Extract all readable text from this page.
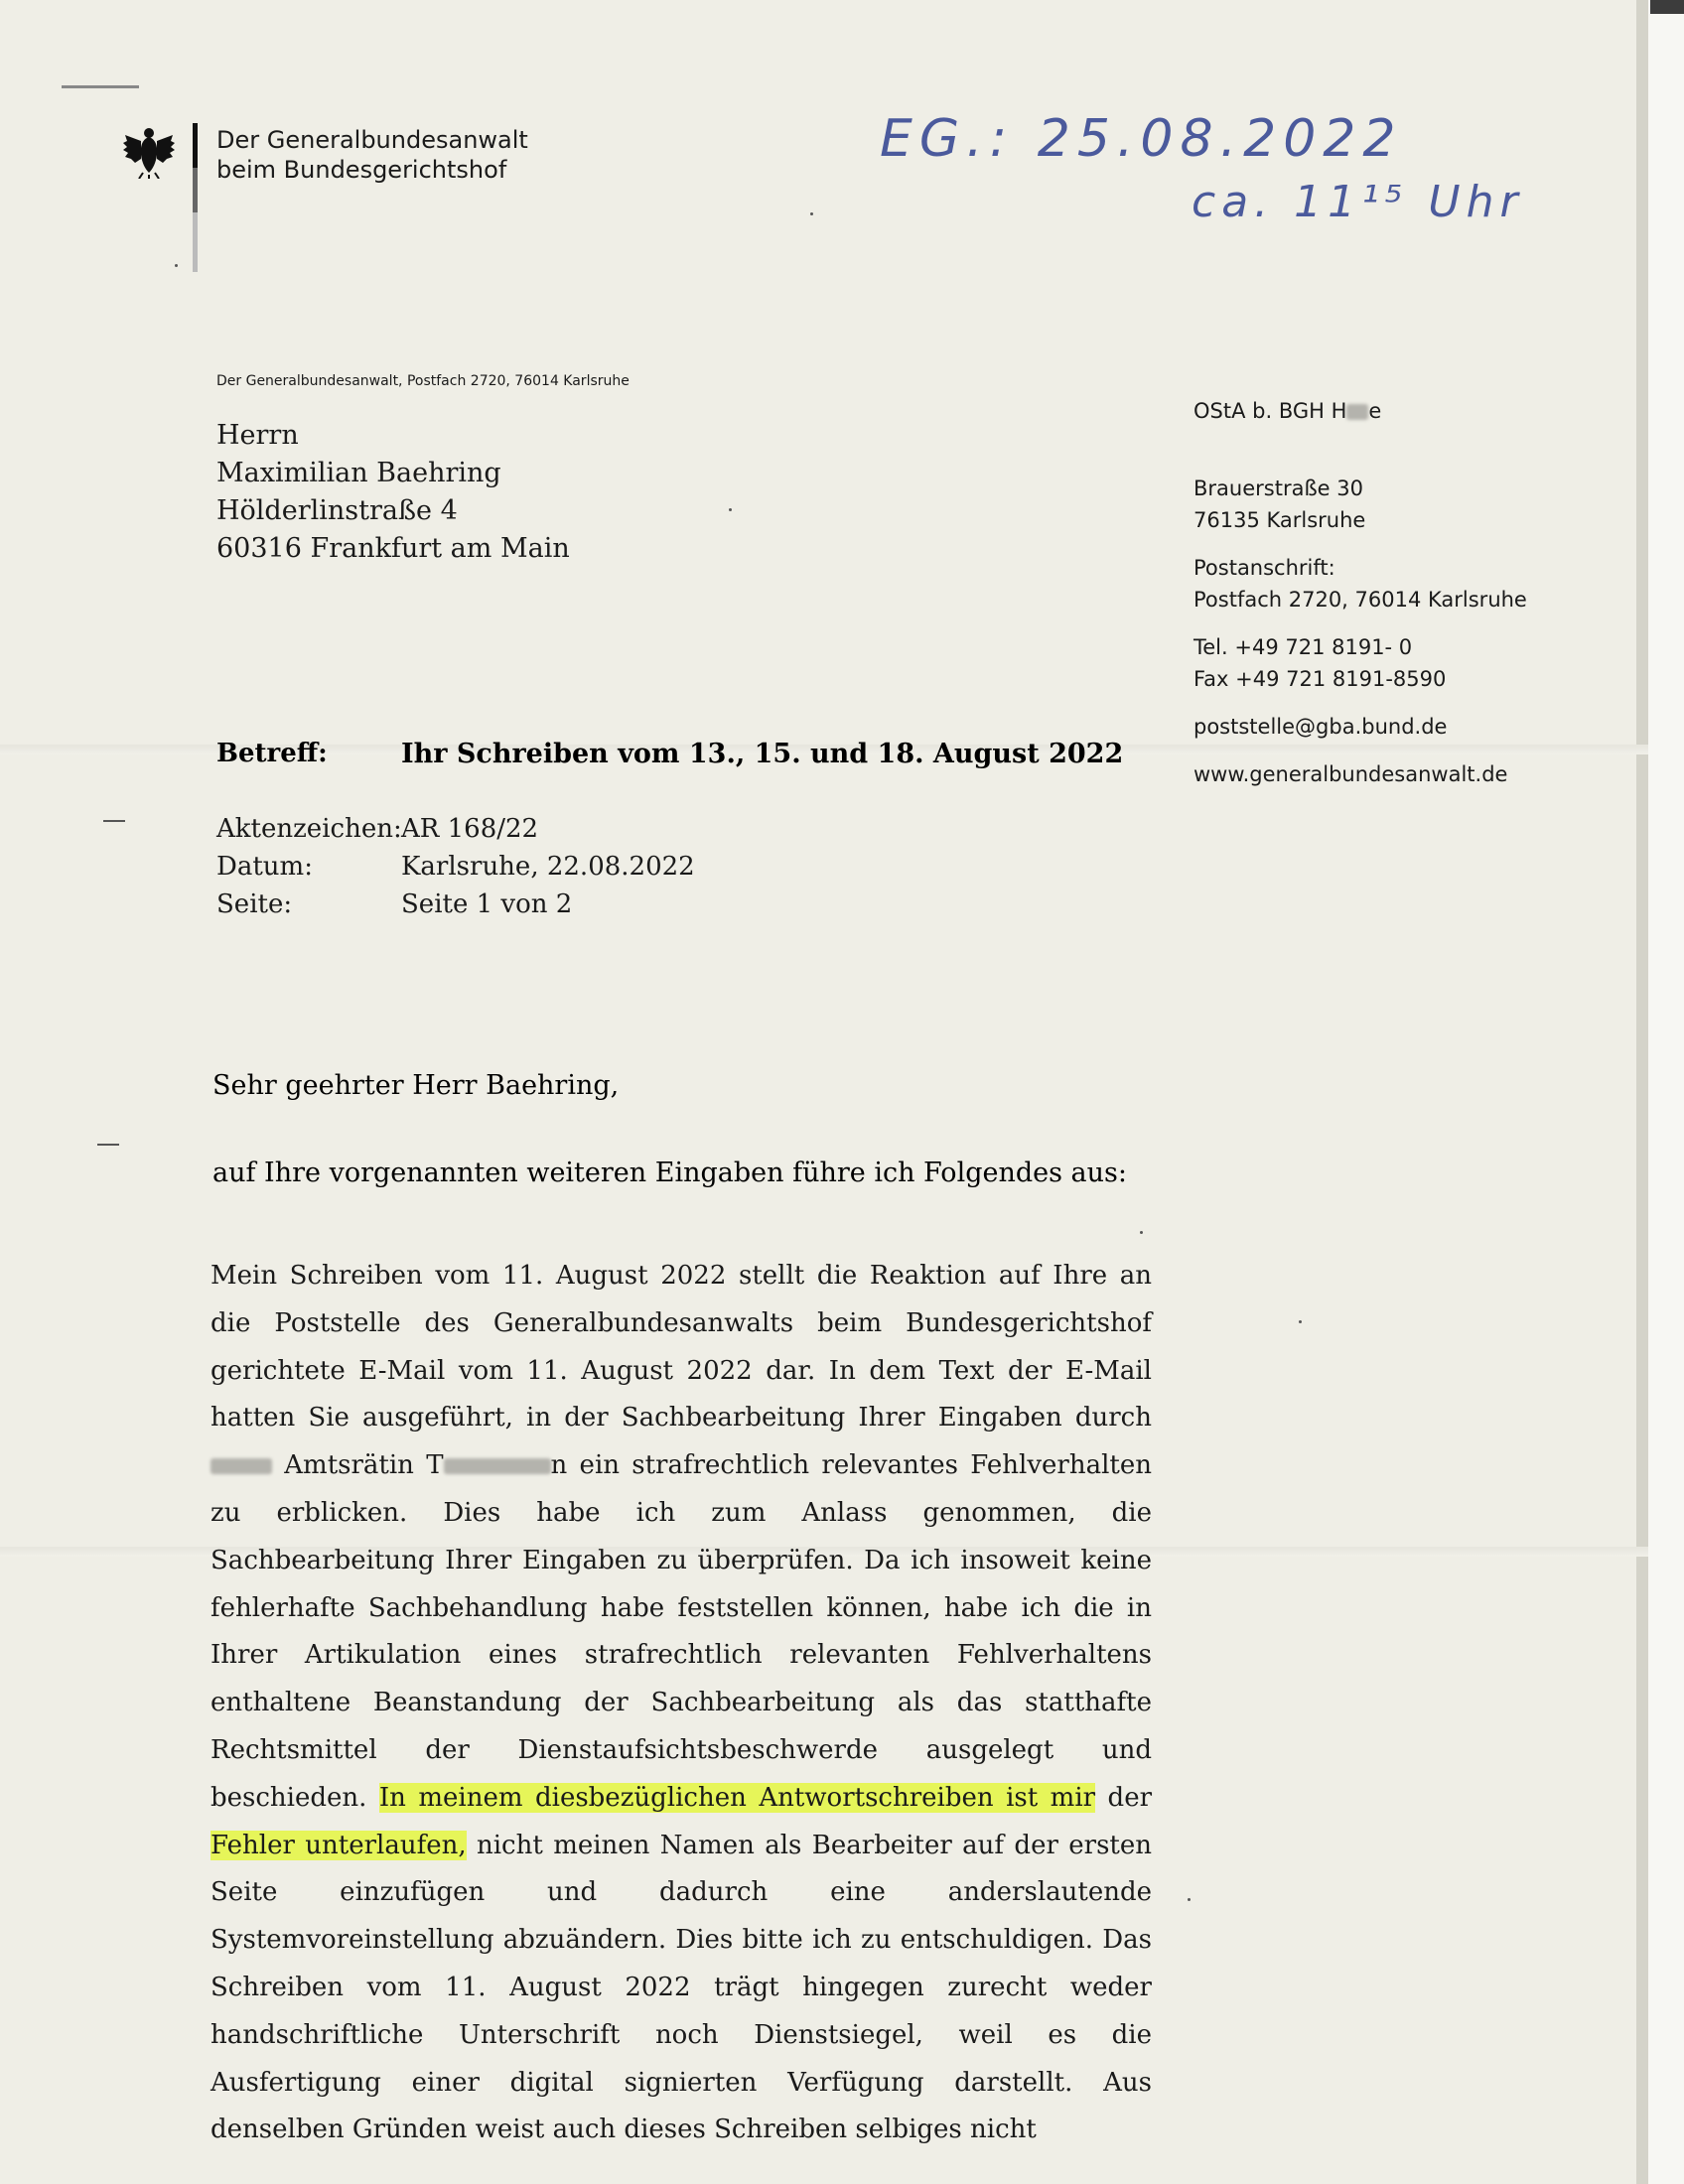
Der Generalbundesanwalt
beim Bundesgerichtshof
EG.: 25.08.2022
ca. 11¹⁵ Uhr
Der Generalbundesanwalt, Postfach 2720, 76014 Karlsruhe
Herrn
Maximilian Baehring
Hölderlinstraße 4
60316 Frankfurt am Main
OStA b. BGH H e
Brauerstraße 30
76135 Karlsruhe
Postanschrift:
Postfach 2720, 76014 Karlsruhe
Tel. +49 721 8191- 0
Fax +49 721 8191-8590
poststelle@gba.bund.de
www.generalbundesanwalt.de
Betreff:	Ihr Schreiben vom 13., 15. und 18. August 2022
Aktenzeichen:AR 168/22
Datum:	Karlsruhe, 22.08.2022
Seite:	Seite 1 von 2
Sehr geehrter Herr Baehring,
auf Ihre vorgenannten weiteren Eingaben führe ich Folgendes aus:
Mein Schreiben vom 11. August 2022 stellt die Reaktion auf Ihre an die Poststelle des Generalbundesanwalts beim Bundesgerichtshof gerichtete E-Mail vom 11. August 2022 dar. In dem Text der E-Mail hatten Sie ausgeführt, in der Sachbearbeitung Ihrer Eingaben durch  Amtsrätin T	n ein strafrechtlich relevantes Fehlverhalten zu erblicken. Dies habe ich zum Anlass genommen, die Sachbearbeitung Ihrer Eingaben zu überprüfen. Da ich insoweit keine fehlerhafte Sachbehandlung habe feststellen können, habe ich die in Ihrer Artikulation eines strafrechtlich relevanten Fehlverhaltens enthaltene Beanstandung der Sachbearbeitung als das statthafte Rechtsmittel der Dienstaufsichtsbeschwerde ausgelegt und beschieden. In meinem diesbezüglichen Antwortschreiben ist mir der Fehler unterlaufen, nicht meinen Namen als Bearbeiter auf der ersten Seite einzufügen und dadurch eine anderslautende Systemvoreinstellung abzuändern. Dies bitte ich zu entschuldigen. Das Schreiben vom 11. August 2022 trägt hingegen zurecht weder handschriftliche Unterschrift noch Dienstsiegel, weil es die Ausfertigung einer digital signierten Verfügung darstellt. Aus denselben Gründen weist auch dieses Schreiben selbiges nicht
